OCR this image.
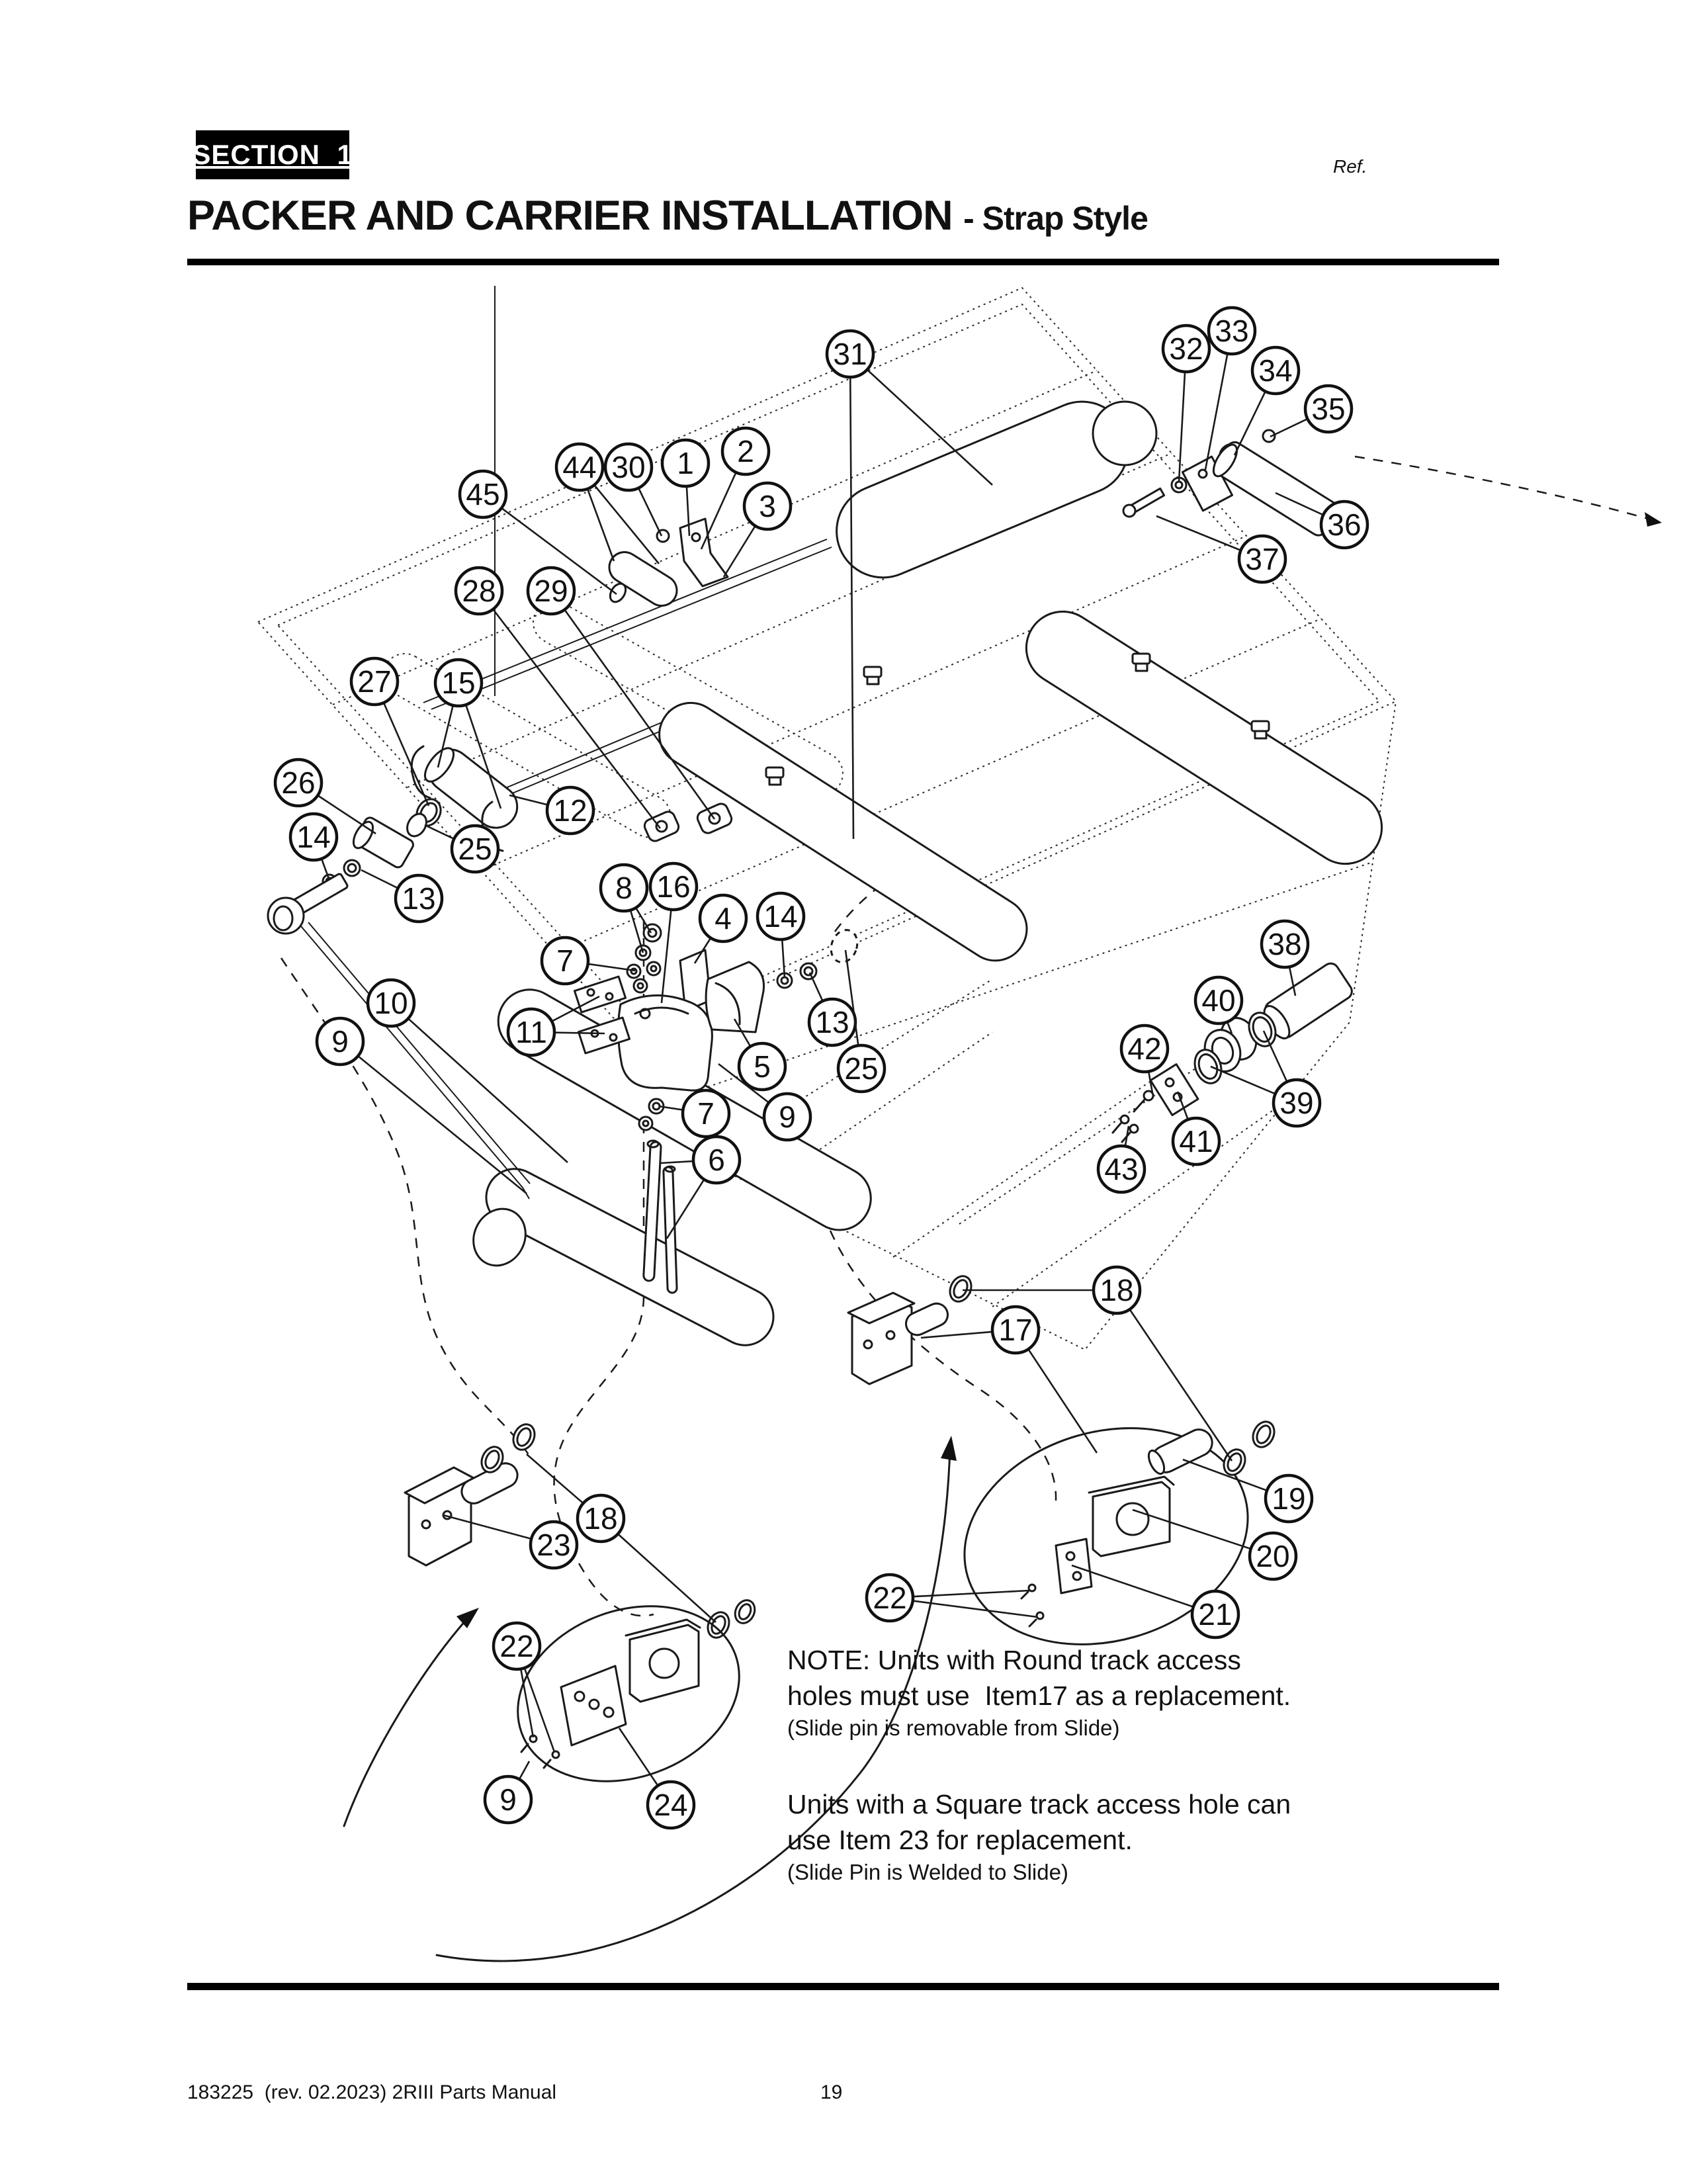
SECTION  1	Ref.
PACKER AND CARRIER INSTALLATION - Strap Style
31	32
33
34
35
36
37
45
44 30 1 2
3
28 29
27 15
26
14	25
13
12
10
9
8 16
4 14
7
11	13
5 25
9
7
6
38
40
42
39
41
43
17
18
19
20
21
22
23
18
22
9	24
NOTE: Units with Round track access
holes must use  Item17 as a replacement.
(Slide pin is removable from Slide)
Units with a Square track access hole can
use Item 23 for replacement.
(Slide Pin is Welded to Slide)
183225  (rev. 02.2023) 2RIII Parts Manual	19
